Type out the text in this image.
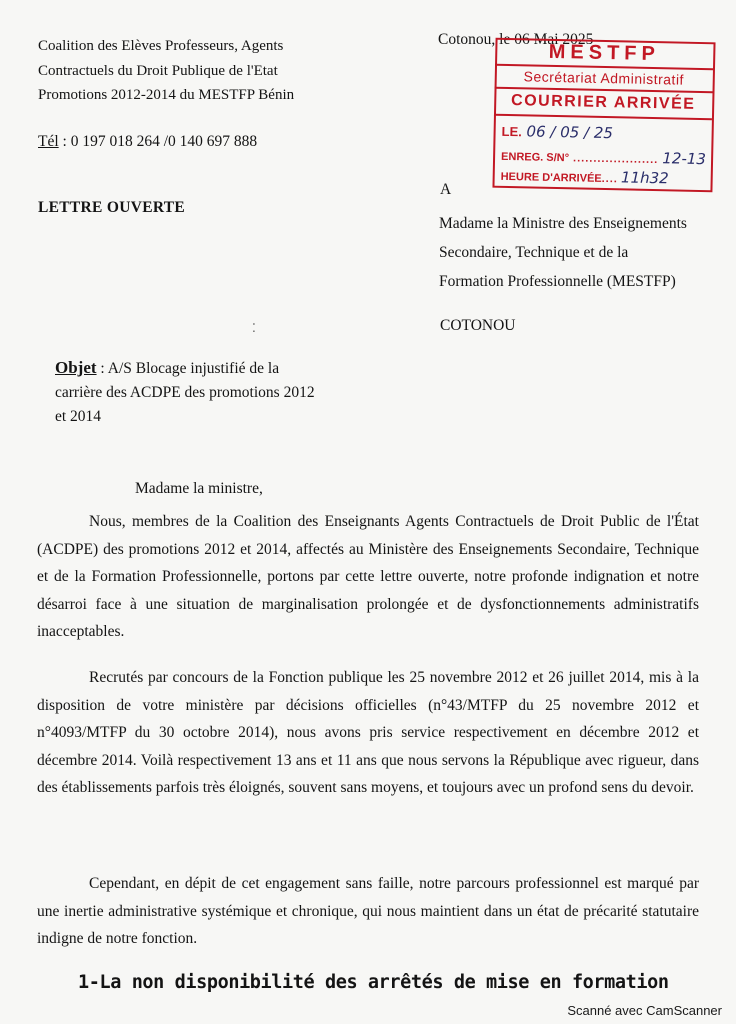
Coalition des Elèves Professeurs, Agents
Contractuels du Droit Publique de l'Etat
Promotions 2012-2014 du MESTFP Bénin
Tél : 0 197 018 264 /0 140 697 888
LETTRE OUVERTE
Cotonou, le 06 Mai 2025
MESTFP
Secrétariat Administratif
COURRIER ARRIVÉE
LE. 06 / 05 / 25
ENREG. S/N° ..................... 12-13
HEURE D'ARRIVÉE.... 11h32
A
Madame la Ministre des Enseignements
Secondaire, Technique et de la
Formation Professionnelle (MESTFP)
COTONOU
⁚
Objet : A/S Blocage injustifié de la carrière des ACDPE des promotions 2012 et 2014
Madame la ministre,
Nous, membres de la Coalition des Enseignants Agents Contractuels de Droit Public de l'État (ACDPE) des promotions 2012 et 2014, affectés au Ministère des Enseignements Secondaire, Technique et de la Formation Professionnelle, portons par cette lettre ouverte, notre profonde indignation et notre désarroi face à une situation de marginalisation prolongée et de dysfonctionnements administratifs inacceptables.
Recrutés par concours de la Fonction publique les 25 novembre 2012 et 26 juillet 2014, mis à la disposition de votre ministère par décisions officielles (n°43/MTFP du 25 novembre 2012 et n°4093/MTFP du 30 octobre 2014), nous avons pris service respectivement en décembre 2012 et décembre 2014. Voilà respectivement 13 ans et 11 ans que nous servons la République avec rigueur, dans des établissements parfois très éloignés, souvent sans moyens, et toujours avec un profond sens du devoir.
Cependant, en dépit de cet engagement sans faille, notre parcours professionnel est marqué par une inertie administrative systémique et chronique, qui nous maintient dans un état de précarité statutaire indigne de notre fonction.
1-La non disponibilité des arrêtés de mise en formation
Scanné avec CamScanner
